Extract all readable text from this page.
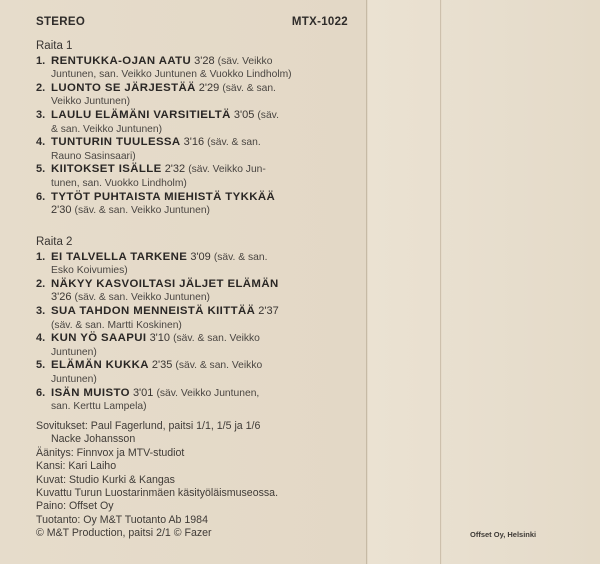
STEREO	MTX-1022
Raita 1
1. RENTUKKA-OJAN AATU 3'28 (säv. Veikko
Juntunen, san. Veikko Juntunen & Vuokko Lindholm)
2. LUONTO SE JÄRJESTÄÄ 2'29 (säv. & san.
Veikko Juntunen)
3. LAULU ELÄMÄNI VARSITIELTÄ 3'05 (säv.
& san. Veikko Juntunen)
4. TUNTURIN TUULESSA 3'16 (säv. & san.
Rauno Sasinsaari)
5. KIITOKSET ISÄLLE 2'32 (säv. Veikko Jun-
tunen, san. Vuokko Lindholm)
6. TYTÖT PUHTAISTA MIEHISTÄ TYKKÄÄ
2'30 (säv. & san. Veikko Juntunen)
Raita 2
1. EI TALVELLA TARKENE 3'09 (säv. & san.
Esko Koivumies)
2. NÄKYY KASVOILTASI JÄLJET ELÄMÄN
3'26 (säv. & san. Veikko Juntunen)
3. SUA TAHDON MENNEISTÄ KIITTÄÄ 2'37
(säv. & san. Martti Koskinen)
4. KUN YÖ SAAPUI 3'10 (säv. & san. Veikko
Juntunen)
5. ELÄMÄN KUKKA 2'35 (säv. & san. Veikko
Juntunen)
6. ISÄN MUISTO 3'01 (säv. Veikko Juntunen,
san. Kerttu Lampela)
Sovitukset: Paul Fagerlund, paitsi 1/1, 1/5 ja 1/6
Nacke Johansson
Äänitys: Finnvox ja MTV-studiot
Kansi: Kari Laiho
Kuvat: Studio Kurki & Kangas
Kuvattu Turun Luostarinmäen käsityöläismuseossa.
Paino: Offset Oy
Tuotanto: Oy M&T Tuotanto Ab 1984
© M&T Production, paitsi 2/1 © Fazer	Offset Oy, Helsinki
